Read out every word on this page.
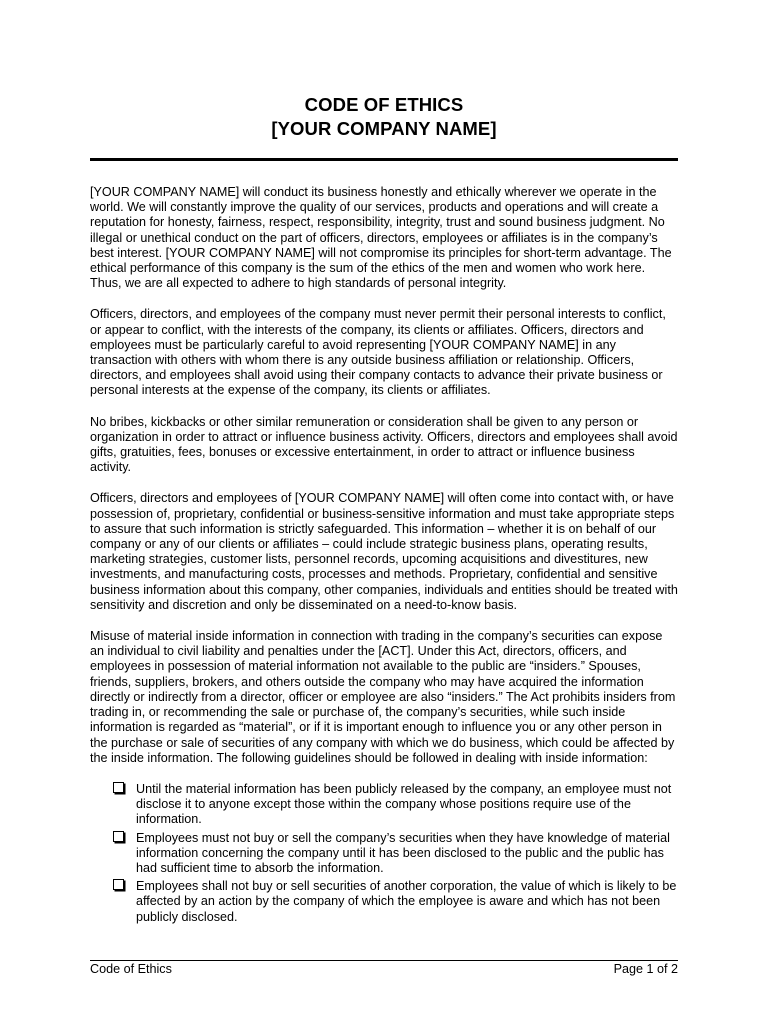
CODE OF ETHICS
[YOUR COMPANY NAME]

[YOUR COMPANY NAME] will conduct its business honestly and ethically wherever we operate in the world. We will constantly improve the quality of our services, products and operations and will create a reputation for honesty, fairness, respect, responsibility, integrity, trust and sound business judgment. No illegal or unethical conduct on the part of officers, directors, employees or affiliates is in the company’s best interest. [YOUR COMPANY NAME] will not compromise its principles for short-term advantage. The ethical performance of this company is the sum of the ethics of the men and women who work here. Thus, we are all expected to adhere to high standards of personal integrity.

Officers, directors, and employees of the company must never permit their personal interests to conflict, or appear to conflict, with the interests of the company, its clients or affiliates. Officers, directors and employees must be particularly careful to avoid representing [YOUR COMPANY NAME] in any transaction with others with whom there is any outside business affiliation or relationship. Officers, directors, and employees shall avoid using their company contacts to advance their private business or personal interests at the expense of the company, its clients or affiliates.

No bribes, kickbacks or other similar remuneration or consideration shall be given to any person or organization in order to attract or influence business activity. Officers, directors and employees shall avoid gifts, gratuities, fees, bonuses or excessive entertainment, in order to attract or influence business activity.

Officers, directors and employees of [YOUR COMPANY NAME] will often come into contact with, or have possession of, proprietary, confidential or business-sensitive information and must take appropriate steps to assure that such information is strictly safeguarded. This information – whether it is on behalf of our company or any of our clients or affiliates – could include strategic business plans, operating results, marketing strategies, customer lists, personnel records, upcoming acquisitions and divestitures, new investments, and manufacturing costs, processes and methods. Proprietary, confidential and sensitive business information about this company, other companies, individuals and entities should be treated with sensitivity and discretion and only be disseminated on a need-to-know basis.

Misuse of material inside information in connection with trading in the company’s securities can expose an individual to civil liability and penalties under the [ACT]. Under this Act, directors, officers, and employees in possession of material information not available to the public are “insiders.” Spouses, friends, suppliers, brokers, and others outside the company who may have acquired the information directly or indirectly from a director, officer or employee are also “insiders.” The Act prohibits insiders from trading in, or recommending the sale or purchase of, the company’s securities, while such inside information is regarded as “material”, or if it is important enough to influence you or any other person in the purchase or sale of securities of any company with which we do business, which could be affected by the inside information. The following guidelines should be followed in dealing with inside information:

Until the material information has been publicly released by the company, an employee must not disclose it to anyone except those within the company whose positions require use of the information.
Employees must not buy or sell the company’s securities when they have knowledge of material information concerning the company until it has been disclosed to the public and the public has had sufficient time to absorb the information.
Employees shall not buy or sell securities of another corporation, the value of which is likely to be affected by an action by the company of which the employee is aware and which has not been publicly disclosed.
Code of Ethics	Page 1 of 2
